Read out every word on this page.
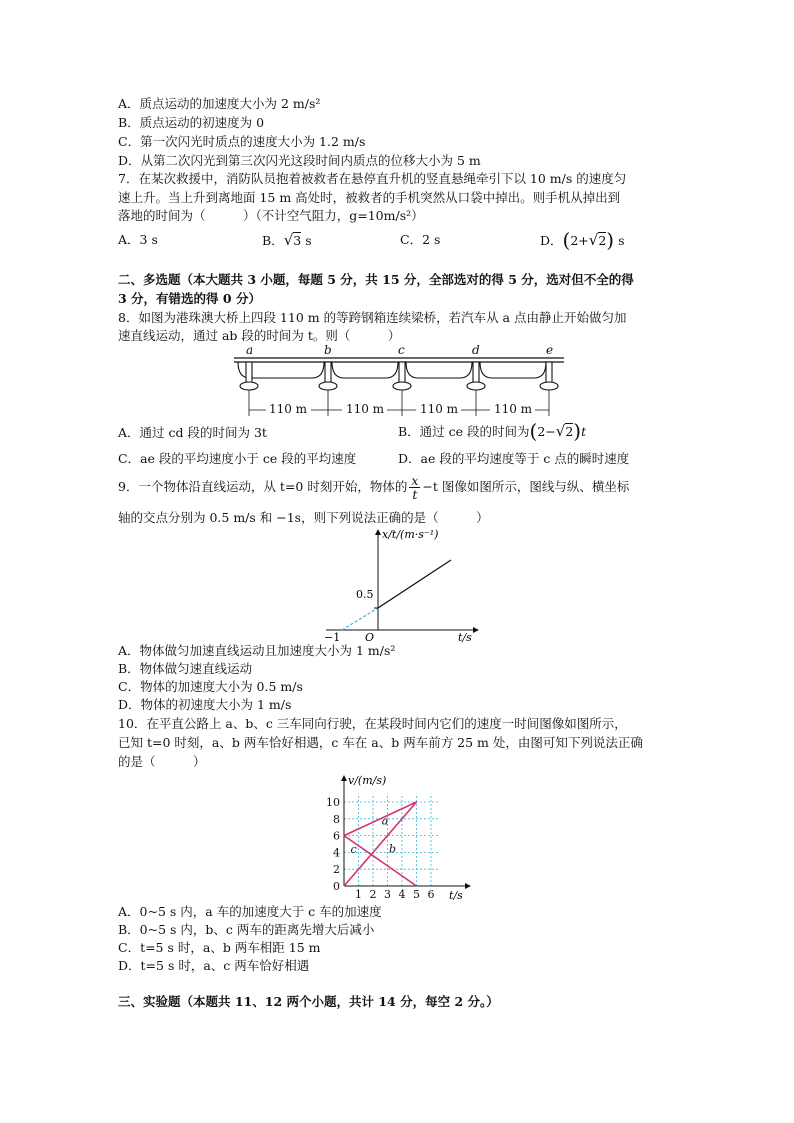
A．质点运动的加速度大小为 2 m/s²
B．质点运动的初速度为 0
C．第一次闪光时质点的速度大小为 1.2 m/s
D．从第二次闪光到第三次闪光这段时间内质点的位移大小为 5 m
7．在某次救援中，消防队员抱着被救者在悬停直升机的竖直悬绳牵引下以 10 m/s 的速度匀
速上升。当上升到离地面 15 m 高处时，被救者的手机突然从口袋中掉出。则手机从掉出到
落地的时间为（　　　）（不计空气阻力，g=10m/s²）
A．3 s	B．√3 s	C．2 s	D．(2+√2) s
二、多选题（本大题共 3 小题，每题 5 分，共 15 分，全部选对的得 5 分，选对但不全的得
3 分，有错选的得 0 分）
8．如图为港珠澳大桥上四段 110 m 的等跨钢箱连续梁桥，若汽车从 a 点由静止开始做匀加
速直线运动，通过 ab 段的时间为 t。则（　　　）
a	b	c	d	e
110 m	110 m	110 m	110 m
A．通过 cd 段的时间为 3t	B．通过 ce 段的时间为(2−√2)t
C．ae 段的平均速度小于 ce 段的平均速度	D．ae 段的平均速度等于 c 点的瞬时速度
9．一个物体沿直线运动，从 t=0 时刻开始，物体的 $\frac{x}{t} -t$ 图像如图所示，图线与纵、横坐标
轴的交点分别为 0.5 m/s 和 −1s，则下列说法正确的是（　　　）
x/t/(m·s⁻¹)
0.5
−1 O	t/s
A．物体做匀加速直线运动且加速度大小为 1 m/s²
B．物体做匀速直线运动
C．物体的加速度大小为 0.5 m/s
D．物体的初速度大小为 1 m/s
10．在平直公路上 a、b、c 三车同向行驶，在某段时间内它们的速度一时间图像如图所示，
已知 t=0 时刻，a、b 两车恰好相遇，c 车在 a、b 两车前方 25 m 处，由图可知下列说法正确
的是（　　　）
1 2 3 4 5 6
0
2
4
6
8
10
v/(m/s)
t/s
a
b
c
A．0~5 s 内，a 车的加速度大于 c 车的加速度
B．0~5 s 内，b、c 两车的距离先增大后减小
C．t=5 s 时，a、b 两车相距 15 m
D．t=5 s 时，a、c 两车恰好相遇
三、实验题（本题共 11、12 两个小题，共计 14 分，每空 2 分。）
